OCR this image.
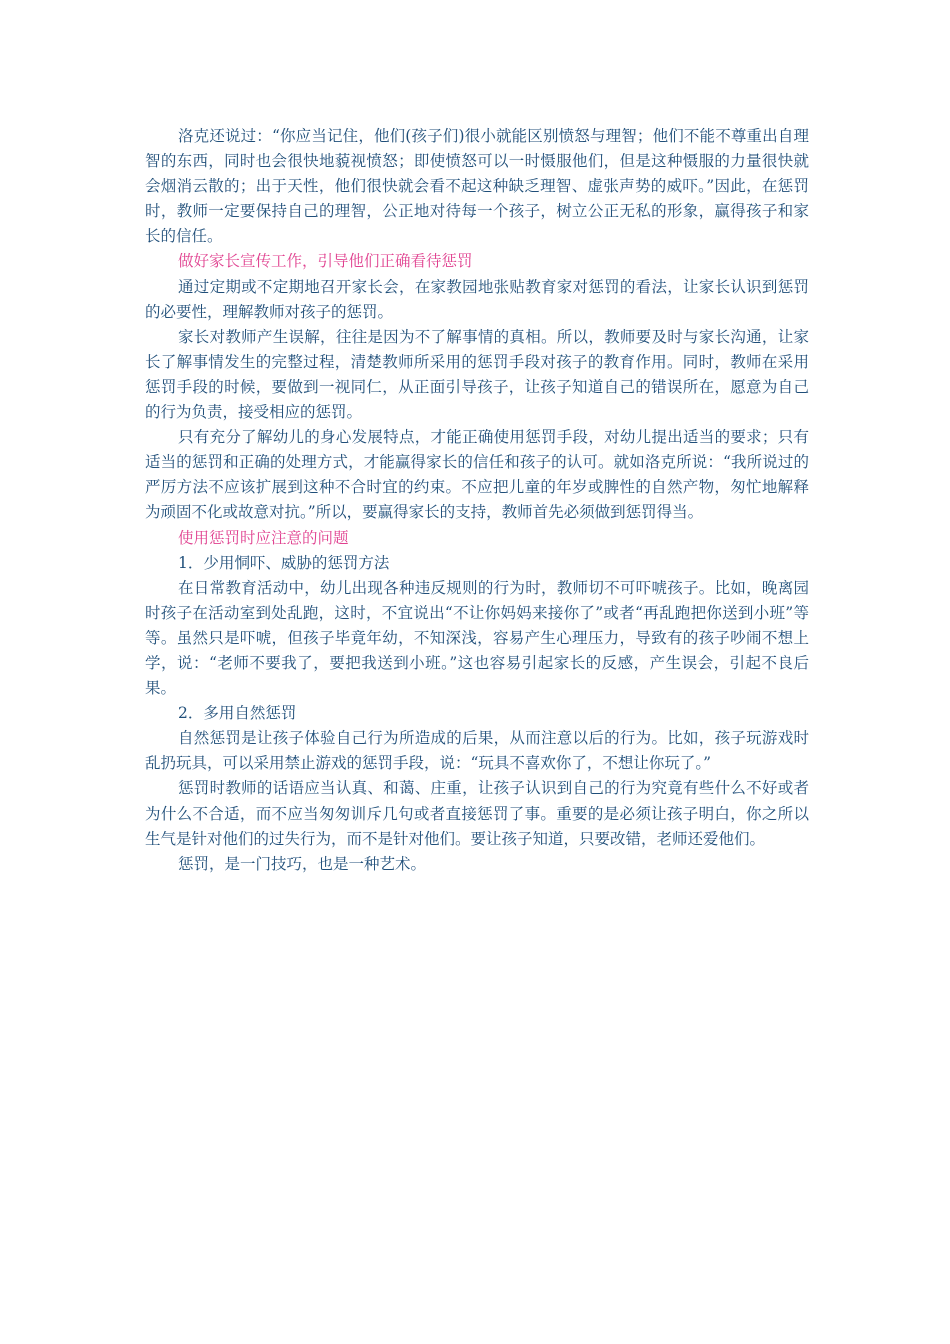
洛克还说过：“你应当记住，他们(孩子们)很小就能区别愤怒与理智；他们不能不尊重出自理智的东西，同时也会很快地藐视愤怒；即使愤怒可以一时慑服他们，但是这种慑服的力量很快就会烟消云散的；出于天性，他们很快就会看不起这种缺乏理智、虚张声势的威吓。”因此，在惩罚时，教师一定要保持自己的理智，公正地对待每一个孩子，树立公正无私的形象，赢得孩子和家长的信任。

做好家长宣传工作，引导他们正确看待惩罚

通过定期或不定期地召开家长会，在家教园地张贴教育家对惩罚的看法，让家长认识到惩罚的必要性，理解教师对孩子的惩罚。

家长对教师产生误解，往往是因为不了解事情的真相。所以，教师要及时与家长沟通，让家长了解事情发生的完整过程，清楚教师所采用的惩罚手段对孩子的教育作用。同时，教师在采用惩罚手段的时候，要做到一视同仁，从正面引导孩子，让孩子知道自己的错误所在，愿意为自己的行为负责，接受相应的惩罚。

只有充分了解幼儿的身心发展特点，才能正确使用惩罚手段，对幼儿提出适当的要求；只有适当的惩罚和正确的处理方式，才能赢得家长的信任和孩子的认可。就如洛克所说：“我所说过的严厉方法不应该扩展到这种不合时宜的约束。不应把儿童的年岁或脾性的自然产物，匆忙地解释为顽固不化或故意对抗。”所以，要赢得家长的支持，教师首先必须做到惩罚得当。

使用惩罚时应注意的问题

1．少用恫吓、威胁的惩罚方法

在日常教育活动中，幼儿出现各种违反规则的行为时，教师切不可吓唬孩子。比如，晚离园时孩子在活动室到处乱跑，这时，不宜说出“不让你妈妈来接你了”或者“再乱跑把你送到小班”等等。虽然只是吓唬，但孩子毕竟年幼，不知深浅，容易产生心理压力，导致有的孩子吵闹不想上学，说：“老师不要我了，要把我送到小班。”这也容易引起家长的反感，产生误会，引起不良后果。

2．多用自然惩罚

自然惩罚是让孩子体验自己行为所造成的后果，从而注意以后的行为。比如，孩子玩游戏时乱扔玩具，可以采用禁止游戏的惩罚手段，说：“玩具不喜欢你了，不想让你玩了。”

惩罚时教师的话语应当认真、和蔼、庄重，让孩子认识到自己的行为究竟有些什么不好或者为什么不合适，而不应当匆匆训斥几句或者直接惩罚了事。重要的是必须让孩子明白，你之所以生气是针对他们的过失行为，而不是针对他们。要让孩子知道，只要改错，老师还爱他们。

惩罚，是一门技巧，也是一种艺术。
